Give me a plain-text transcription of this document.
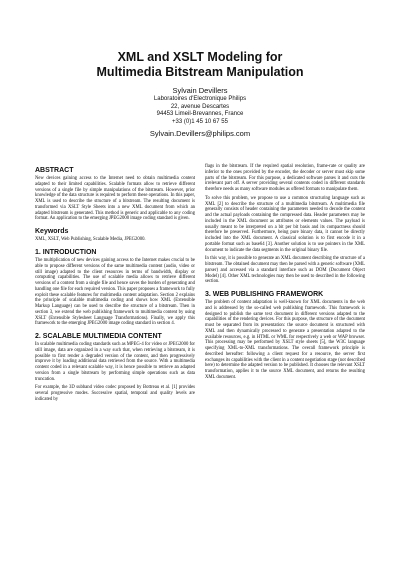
XML and XSLT Modeling for
Multimedia Bitstream Manipulation
Sylvain Devillers
Laboratoires d'Electronique Philips
22, avenue Descartes
94453 Limeil-Brevannes, France
+33 (0)1 45 10 67 55
Sylvain.Devillers@philips.com
ABSTRACT

New devices gaining access to the Internet need to obtain multimedia content adapted to their limited capabilities. Scalable formats allow to retrieve different versions of a single file by simple manipulations of the bitstream. However, prior knowledge of the data structure is required to perform these operations. In this paper, XML is used to describe the structure of a bitstream. The resulting document is transformed via XSLT Style Sheets into a new XML document from which an adapted bitstream is generated. This method is generic and applicable to any coding format. An application to the emerging JPEG2000 image coding standard is given.

Keywords

XML, XSLT, Web Publishing, Scalable Media, JPEG2000.

1. INTRODUCTION

The multiplication of new devices gaining access to the Internet makes crucial to be able to propose different versions of the same multimedia content (audio, video or still image) adapted to the client resources in terms of bandwidth, display or computing capabilities. The use of scalable media allows to retrieve different versions of a content from a single file and hence saves the burden of generating and handling one file for each required version. This paper proposes a framework to fully exploit these scalable features for multimedia content adaptation. Section 2 explains the principle of scalable multimedia coding and shows how XML (Extensible Markup Language) can be used to describe the structure of a bitstream. Then in section 3, we extend the web publishing framework to multimedia content by using XSLT (Extensible Stylesheet Language Transformations). Finally, we apply this framework to the emerging JPEG2000 image coding standard in section 4.

2. SCALABLE MULTIMEDIA CONTENT

In scalable multimedia coding standards such as MPEG-4 for video or JPEG2000 for still image, data are organized in a way such that, when retrieving a bitstream, it is possible to first render a degraded version of the content, and then progressively improve it by loading additional data retrieved from the source. With a multimedia content coded in a relevant scalable way, it is hence possible to retrieve an adapted version from a single bitstream by performing simple operations such as data truncation.

For example, the 3D subband video codec proposed by Bottreau et al. [1] provides several progressive modes. Successive spatial, temporal and quality levels are indicated by

flags in the bitstream. If the required spatial resolution, frame-rate or quality are inferior to the ones provided by the encoder, the decoder or server must skip some parts of the bitstream. For this purpose, a dedicated software parses it and cuts the irrelevant part off. A server providing several contents coded in different standards therefore needs as many software modules as offered formats to manipulate them.

To solve this problem, we propose to use a common structuring language such as XML [2] to describe the structure of a multimedia bitstream. A multimedia file generally consists of header containing the parameters needed to decode the content and the actual payloads containing the compressed data. Header parameters may be included in the XML document as attributes or elements values. The payload is usually meant to be interpreted on a bit per bit basis and its compactness should therefore be preserved. Furthermore, being pure binary data, it cannot be directly included into the XML document. A classical solution is to first encode it in a portable format such as base64 [3]. Another solution is to use pointers in the XML document to indicate the data segments in the original binary file.

In this way, it is possible to generate an XML document describing the structure of a bitstream. The obtained document may then be parsed with a generic software (XML parser) and accessed via a standard interface such as DOM (Document Object Model) [4]. Other XML technologies may then be used to described in the following section.

3. WEB PUBLISHING FRAMEWORK

The problem of content adaptation is well-known for XML documents in the web and is addressed by the so-called web publishing framework. This framework is designed to publish the same text document in different versions adapted to the capabilities of the rendering devices. For this purpose, the structure of the document must be separated from its presentation: the source document is structured with XML and then dynamically processed to generate a presentation adapted to the available resources, e.g. in HTML or WML for respectively a web or WAP browser. This processing may be performed by XSLT style sheets [5], the W3C language specifying XML-to-XML transformations. The overall framework principle is described hereafter: following a client request for a resource, the server first exchanges its capabilities with the client in a content negotiation stage (not described here) to determine the adapted version to be published. It chooses the relevant XSLT transformation, applies it to the source XML document, and returns the resulting XML document.
